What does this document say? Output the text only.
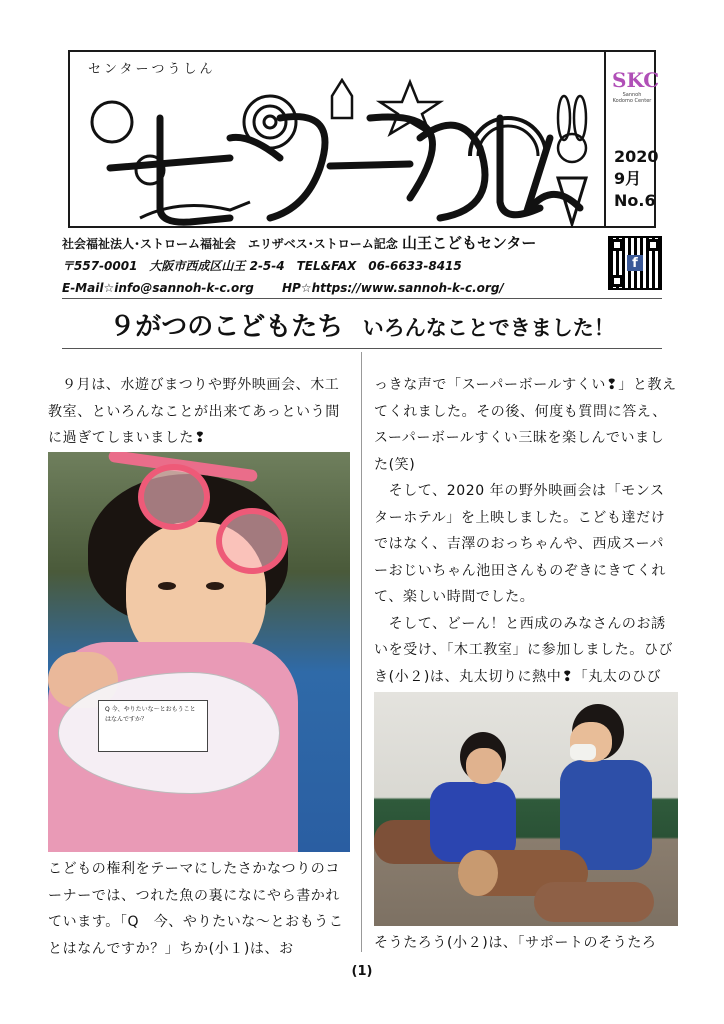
センターつうしん	SKC
Sannoh Kodomo Center
2020
9月
No.6
社会福祉法人･ストローム福祉会　エリザベス･ストローム記念 山王こどもセンター
〒557-0001　大阪市西成区山王 2-5-4　TEL&FAX　06-6633-8415
E-Mail☆info@sannoh-k-c.org HP☆https://www.sannoh-k-c.org/
f
９がつのこどもたち いろんなことできました！
９月は、水遊びまつりや野外映画会、木工教室、といろんなことが出来てあっという間に過ぎてしまいました❢
Q 今、やりたいな〜とおもうことはなんですか？
こどもの権利をテーマにしたさかなつりのコーナーでは、つれた魚の裏になにやら書かれています。「Q　今、やりたいな〜とおもうことはなんですか？」ちか(小１)は、お

っきな声で「スーパーボールすくい❢」と教えてくれました。その後、何度も質問に答え、スーパーボールすくい三昧を楽しんでいました(笑)

　そして、2020 年の野外映画会は「モンスターホテル」を上映しました。こども達だけではなく、吉澤のおっちゃんや、西成スーパーおじいちゃん池田さんものぞきにきてくれて、楽しい時間でした。

　そして、どーん！と西成のみなさんのお誘いを受け、「木工教室」に参加しました。ひびき(小２)は、丸太切りに熱中❢「丸太のひび

そうたろう(小２)は、「サポートのそうたろ
(1)
